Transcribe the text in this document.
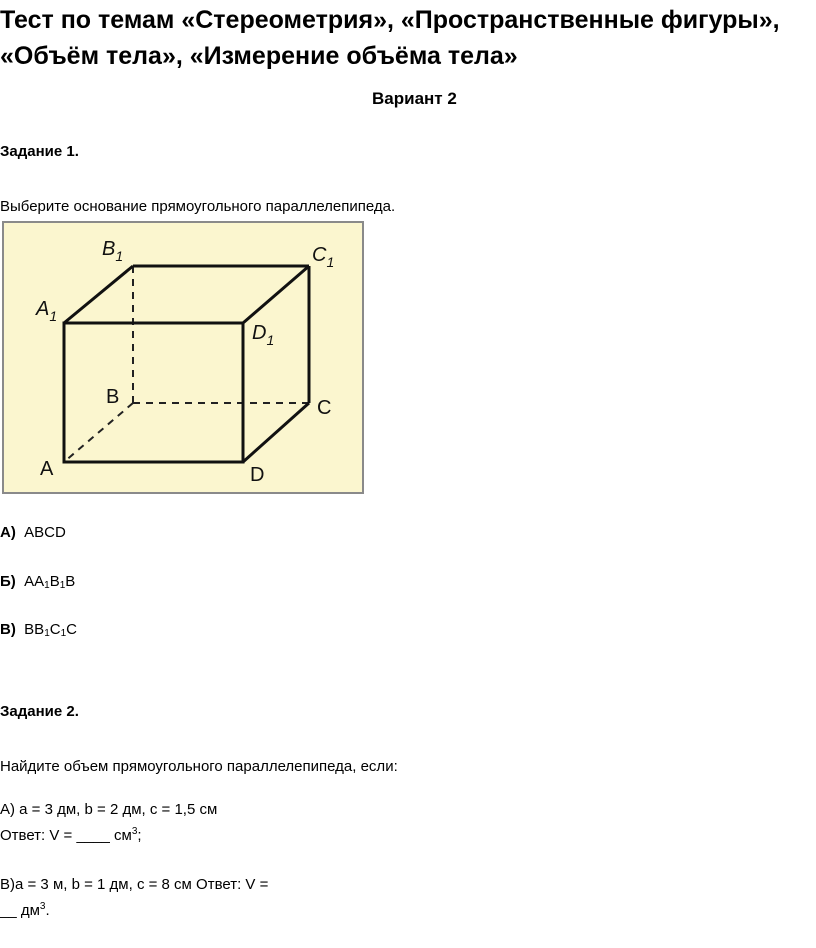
Тест по темам «Стереометрия», «Пространственные фигуры»,
«Объём тела», «Измерение объёма тела»
Вариант 2
Задание 1.
Выберите основание прямоугольного параллелепипеда.
$B_1$	$C_1$
$A_1$
$D_1$
B	C
A	D
А) ABCD
Б) $AA_1B_1B$
В) $BB_1C_1C$
Задание 2.
Найдите объем прямоугольного параллелепипеда, если:
А) a = 3 дм, b = 2 дм, c = 1,5 см
Ответ: V = ____ $см^3$;
В)a = 3 м, b = 1 дм, c = 8 см Ответ: V =
__ $дм^3$.
